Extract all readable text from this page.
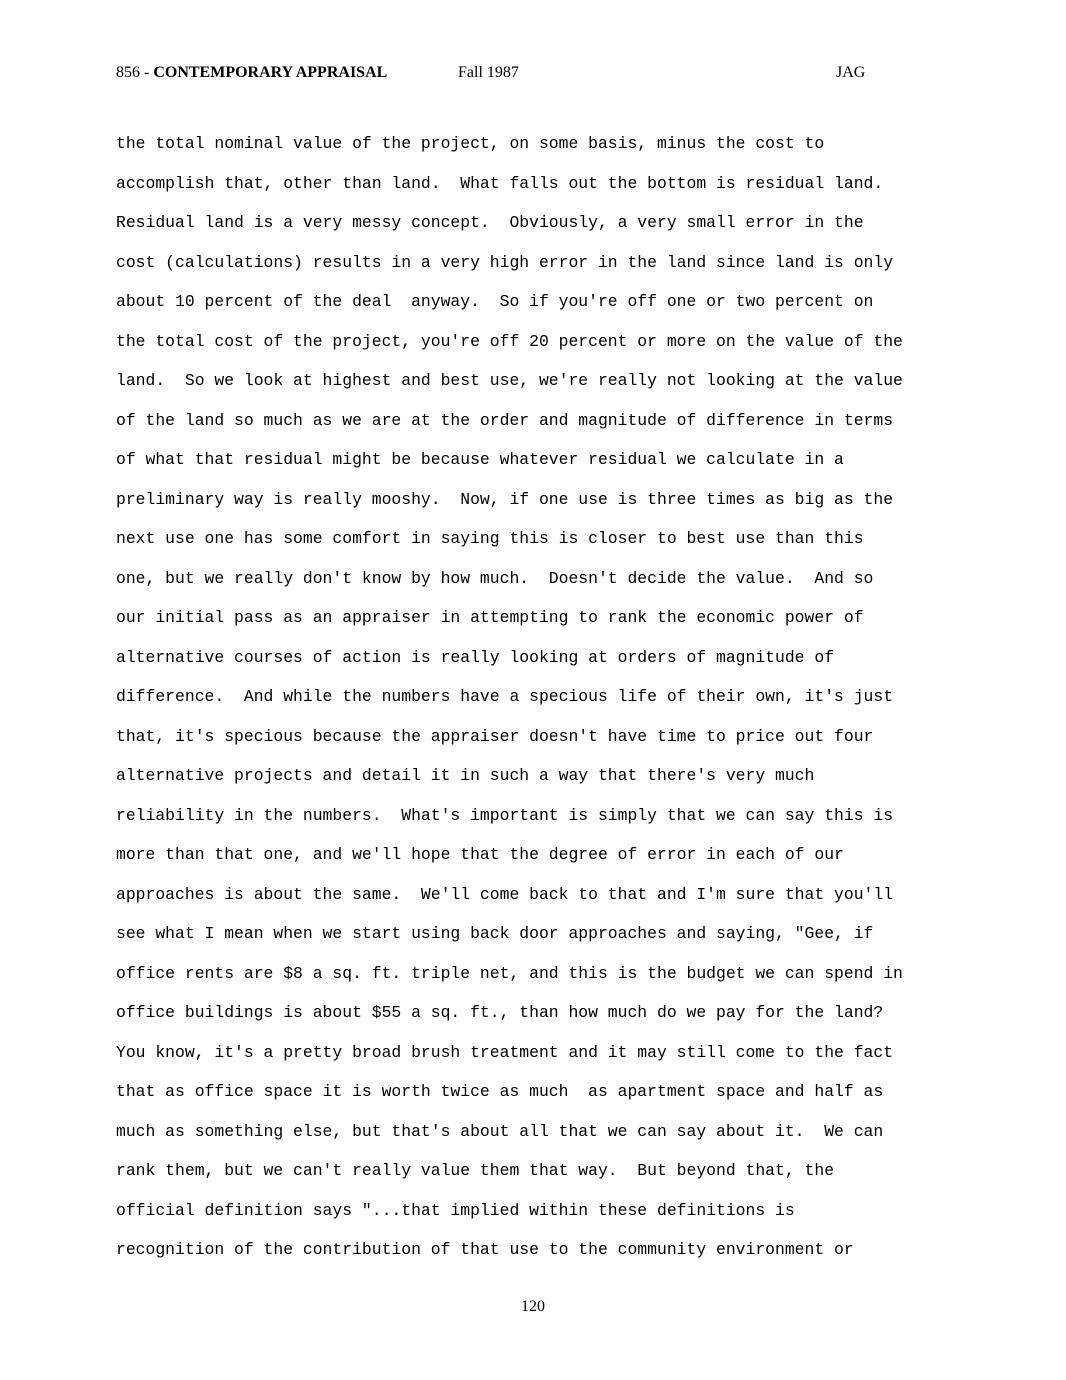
856 - CONTEMPORARY APPRAISAL	Fall 1987	JAG
the total nominal value of the project, on some basis, minus the cost to
accomplish that, other than land.  What falls out the bottom is residual land.
Residual land is a very messy concept.  Obviously, a very small error in the
cost (calculations) results in a very high error in the land since land is only
about 10 percent of the deal  anyway.  So if you're off one or two percent on
the total cost of the project, you're off 20 percent or more on the value of the
land.  So we look at highest and best use, we're really not looking at the value
of the land so much as we are at the order and magnitude of difference in terms
of what that residual might be because whatever residual we calculate in a
preliminary way is really mooshy.  Now, if one use is three times as big as the
next use one has some comfort in saying this is closer to best use than this
one, but we really don't know by how much.  Doesn't decide the value.  And so
our initial pass as an appraiser in attempting to rank the economic power of
alternative courses of action is really looking at orders of magnitude of
difference.  And while the numbers have a specious life of their own, it's just
that, it's specious because the appraiser doesn't have time to price out four
alternative projects and detail it in such a way that there's very much
reliability in the numbers.  What's important is simply that we can say this is
more than that one, and we'll hope that the degree of error in each of our
approaches is about the same.  We'll come back to that and I'm sure that you'll
see what I mean when we start using back door approaches and saying, "Gee, if
office rents are $8 a sq. ft. triple net, and this is the budget we can spend in
office buildings is about $55 a sq. ft., than how much do we pay for the land?
You know, it's a pretty broad brush treatment and it may still come to the fact
that as office space it is worth twice as much  as apartment space and half as
much as something else, but that's about all that we can say about it.  We can
rank them, but we can't really value them that way.  But beyond that, the
official definition says "...that implied within these definitions is
recognition of the contribution of that use to the community environment or
120
